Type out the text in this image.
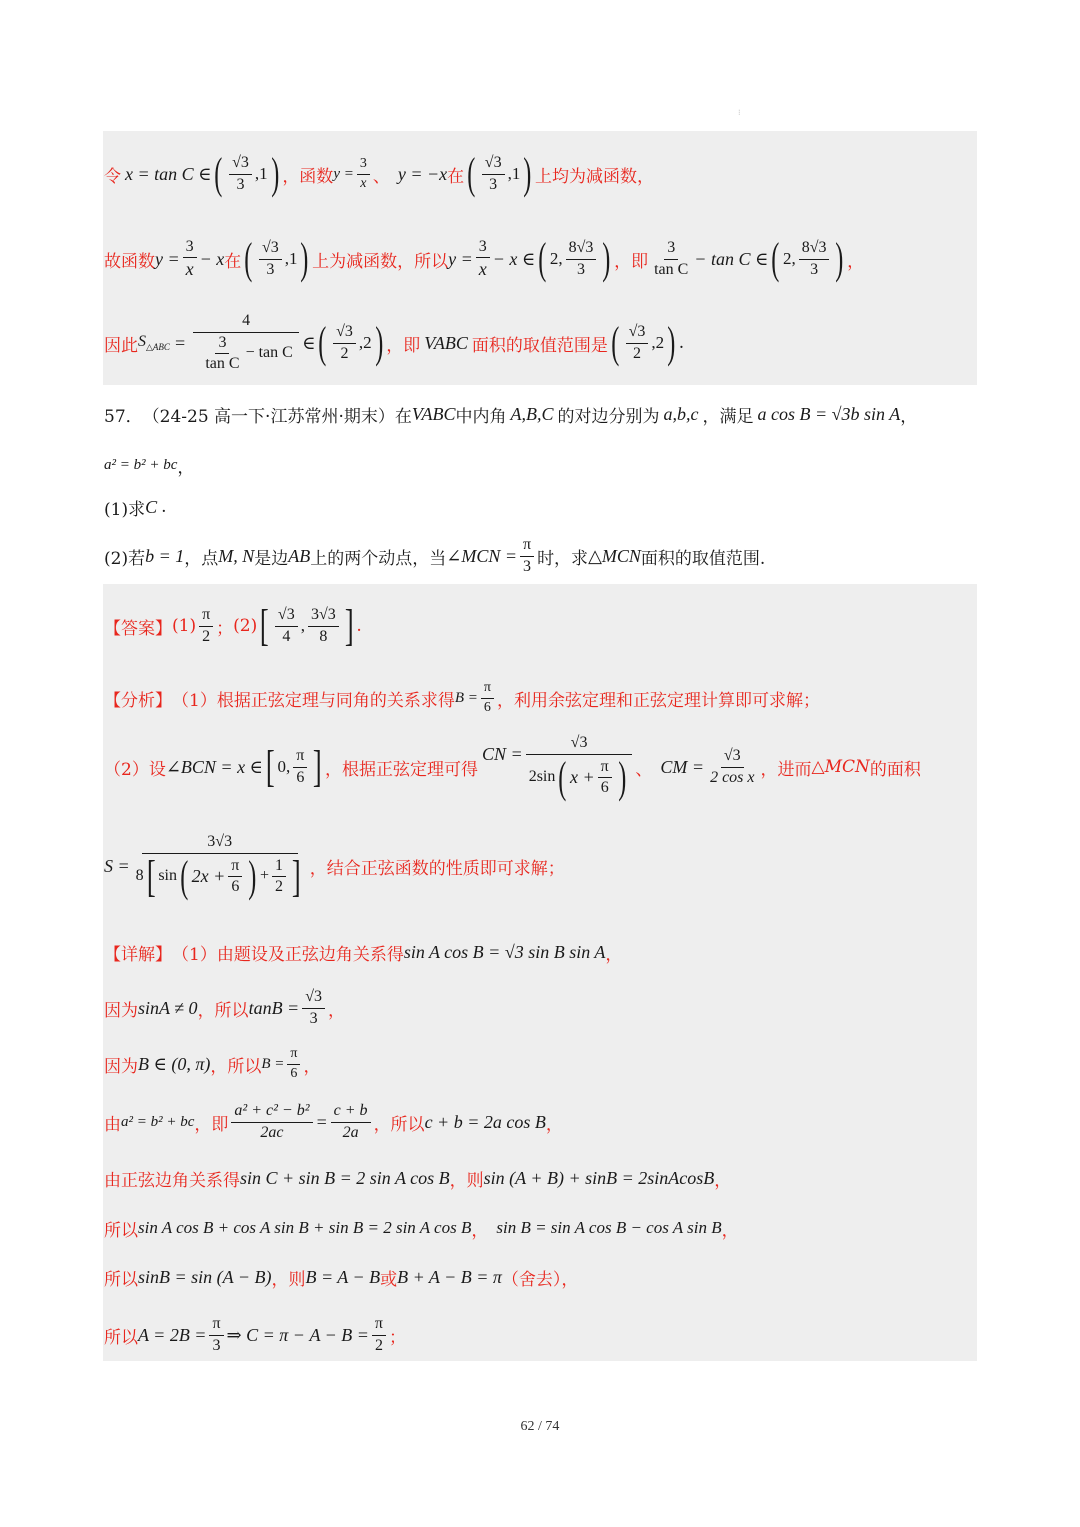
⁝
令 x = tan C ∈ ( $\frac{√3}{3}$ , 1 ) ，函数 $y = \frac{3}{x}$ 、 y = −x 在 ( $\frac{√3}{3}$ , 1 ) 上均为减函数，
故函数 $y = \frac{3}{x} - x$ 在 ( $\frac{√3}{3}$ , 1 ) 上为减函数，所以 $y = \frac{3}{x} - x$ ∈ ( 2 , $\frac{8√3}{3}$ ) ，即 $\frac{3}{\text{tan C}} - \tan C$ ∈ ( 2 , $\frac{8√3}{3}$ ) ，
因此 $S_{\triangle ABC} = \frac{4}{\frac{3}{\text{tan C}} - \tan C}$ ∈ ( $\frac{√3}{2}$ , 2 ) ，即 VABC 面积的取值范围是 ( $\frac{√3}{2}$ , 2 ) .
57． （24-25 高一下·江苏常州·期末）在 VABC 中内角 A,B,C 的对边分别为 a,b,c ，满足 a cos B = √3b sin A ，
a² = b² + bc ，
(1)求 C .
(2)若 b = 1 ，点 M, N 是边 AB 上的两个动点，当 ∠MCN = $\frac{\pi}{3}$ 时，求 △MCN 面积的取值范围.
【答案】 $(1) \frac{\pi}{2}$ ； (2) [ $\frac{√3}{4}$ , $\frac{3√3}{8}$ ] .
【分析】 （1）根据正弦定理与同角的关系求得 $B = \frac{\pi}{6}$ ，利用余弦定理和正弦定理计算即可求解；
（2）设 ∠BCN = x ∈ [ 0 , $\frac{\pi}{6}$ ] ，根据正弦定理可得
CN = $\frac{√3}{2\sin ( x + \frac{\pi}{6} )}$ 、 CM = $\frac{√3}{\text{2 cos x}}$ ，进而 △MCN 的面积
S =
3√3
8 [ sin ( $2x + \frac{\pi}{6}$ ) + $\frac{1}{2}$ ] ，结合正弦函数的性质即可求解；
【详解】 （1）由题设及正弦边角关系得 sin A cos B = √3 sin B sin A ，
因为 sinA ≠ 0 ，所以 $\tan B = \frac{√3}{3}$ ，
因为 B ∈ (0, π) ，所以 $B = \frac{\pi}{6}$ ，
由 a² = b² + bc ，即 $\frac{\text{a² + c² − b²}}{2ac} = \frac{c + b}{2a}$ ，所以 c + b = 2a cos B ，
由正弦边角关系得 sin C + sin B = 2 sin A cos B ，则 sin (A + B) + sinB = 2sinAcosB ，
所以 sin A cos B + cos A sin B + sin B = 2 sin A cos B ， sin B = sin A cos B − cos A sin B ，
所以 sinB = sin (A − B) ，则 B = A − B 或 B + A − B = π （舍去），
所以 $A = 2B = \frac{\pi}{3}$ ⇒ $C = \pi - A - B = \frac{\pi}{2}$ ；
62 / 74
